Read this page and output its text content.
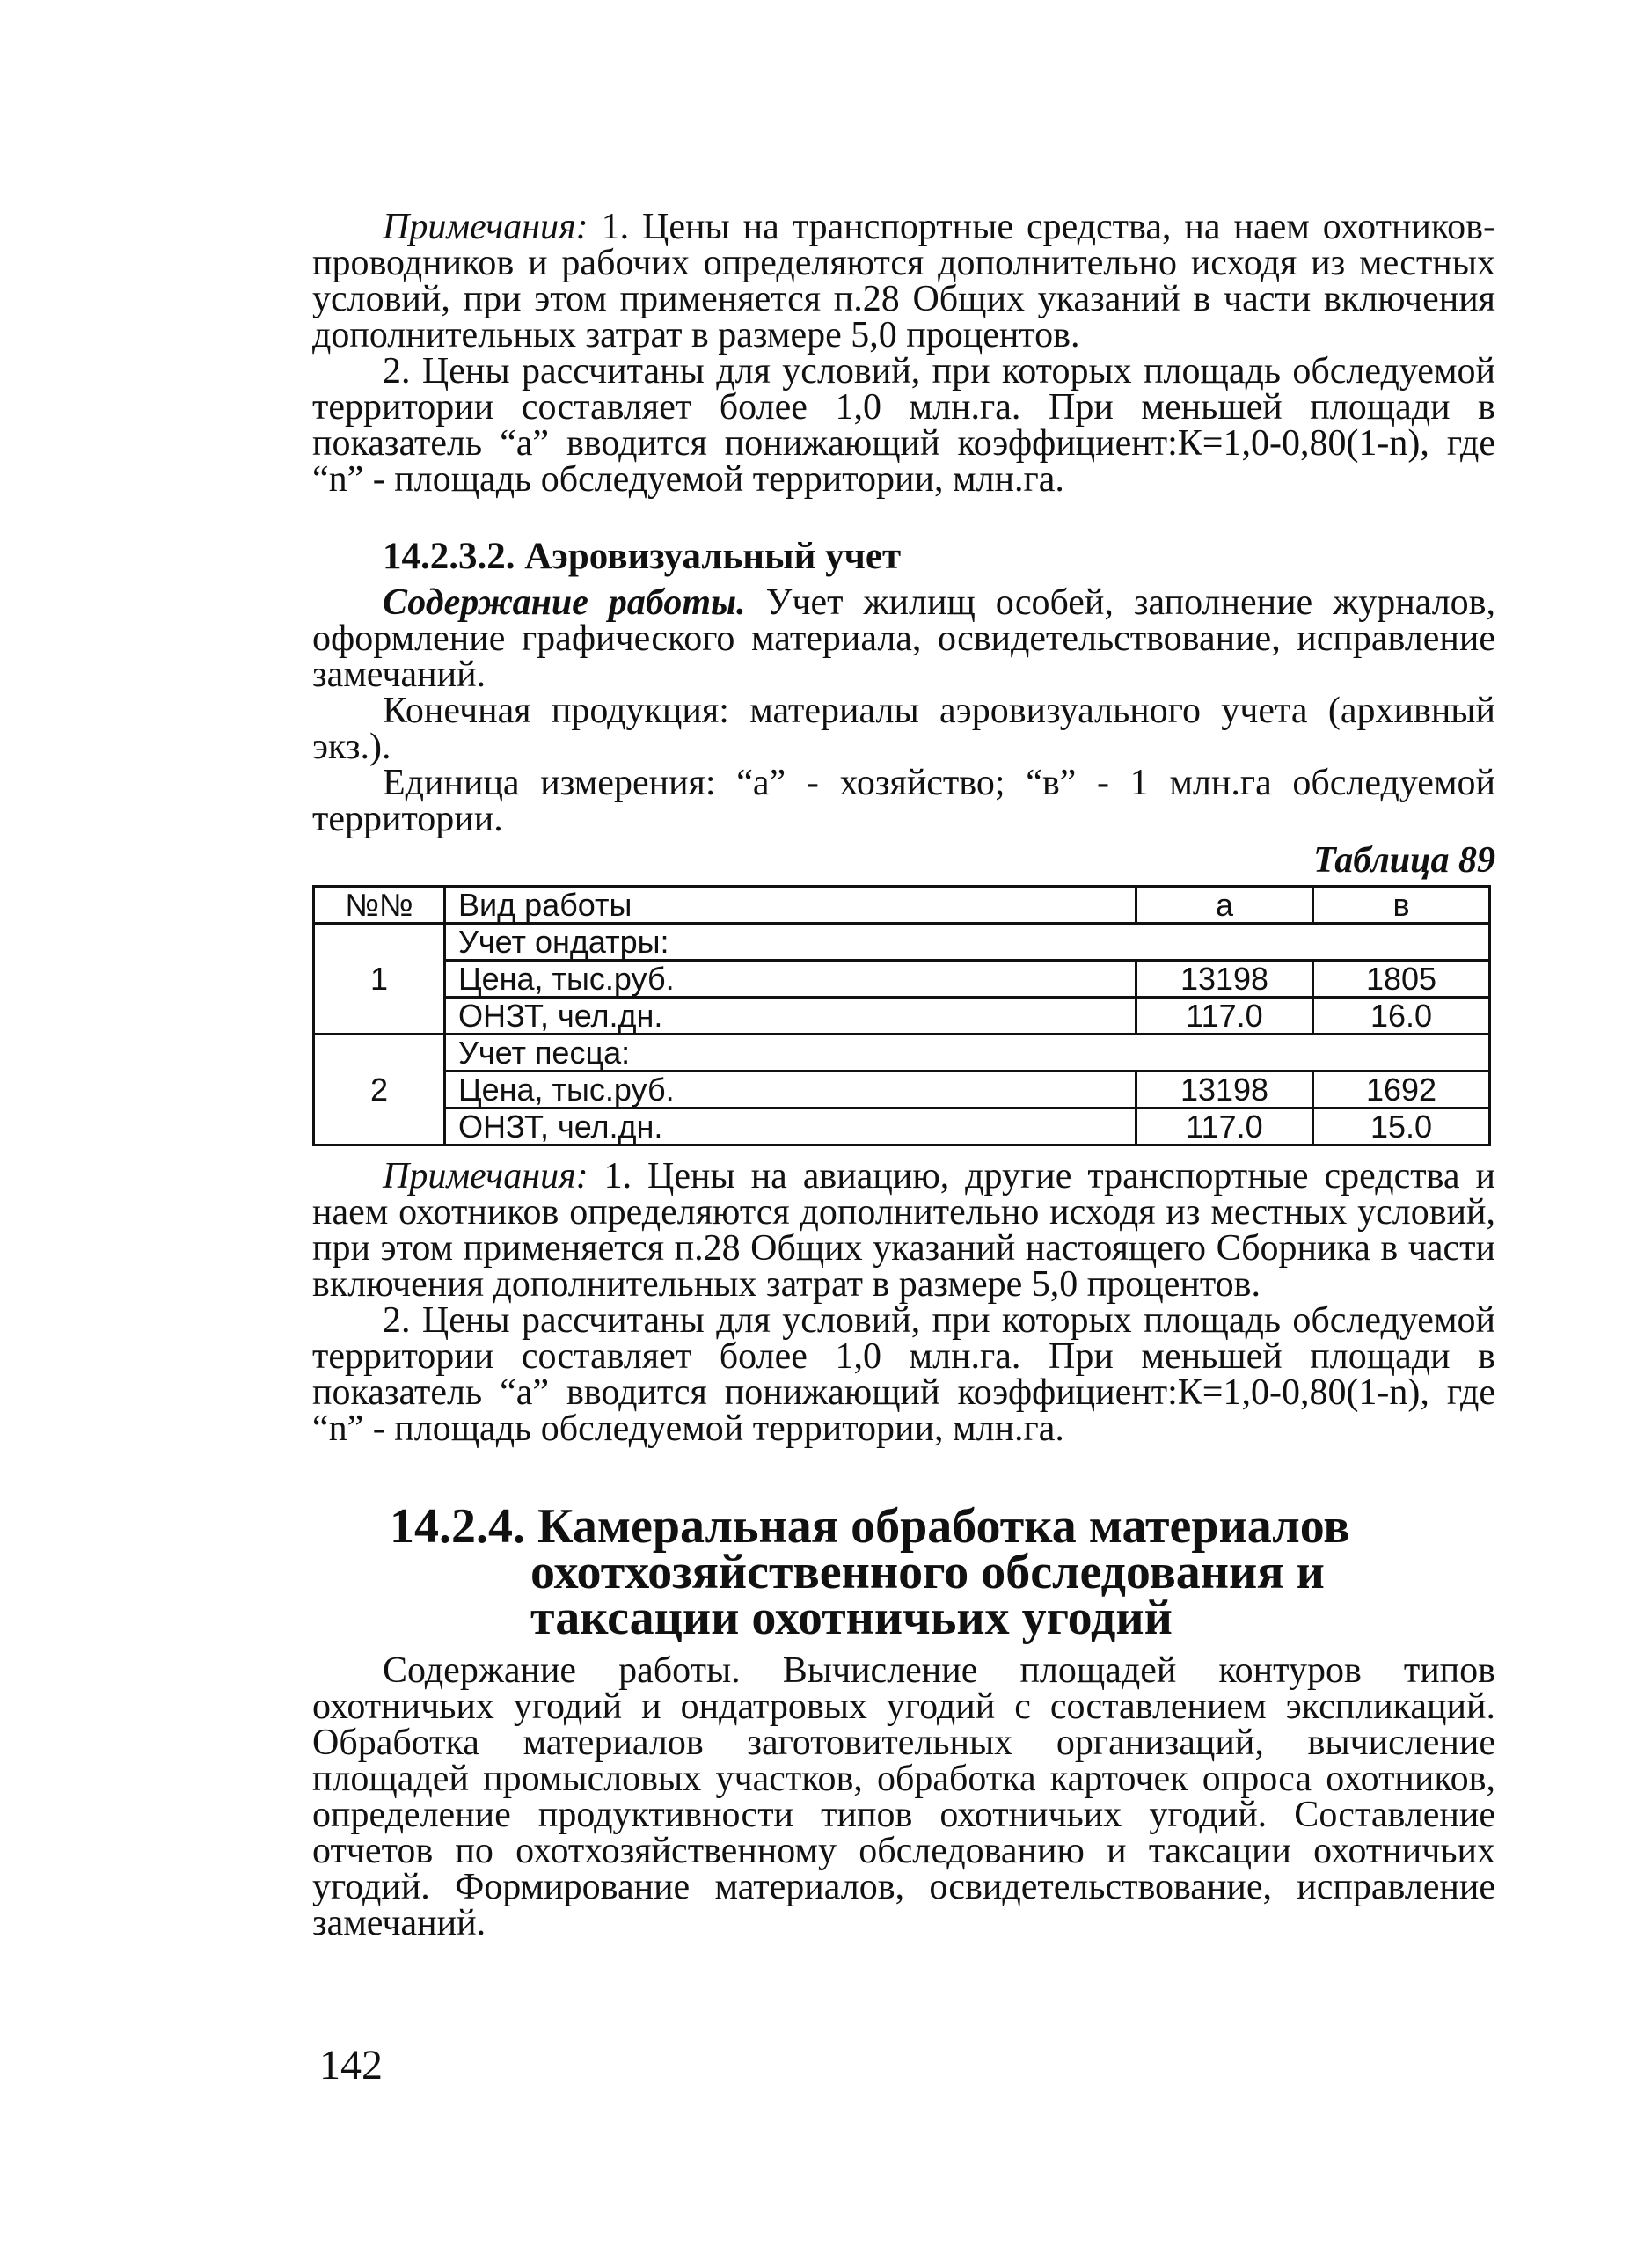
Примечания: 1. Цены на транспортные средства, на наем охотников-проводников и рабочих определяются дополнительно исходя из местных условий, при этом применяется п.28 Общих указаний в части включения дополнительных затрат в размере 5,0 процентов.

2. Цены рассчитаны для условий, при которых площадь обследуемой территории составляет более 1,0 млн.га. При меньшей площади в показатель “а” вводится понижающий коэффициент:К=1,0-0,80(1-n), где “n” - площадь обследуемой территории, млн.га.

14.2.3.2. Аэровизуальный учет

Содержание работы. Учет жилищ особей, заполнение журналов, оформление графического материала, освидетельствование, исправление замечаний.

Конечная продукция: материалы аэровизуального учета (архивный экз.).

Единица измерения: “а” - хозяйство; “в” - 1 млн.га обследуемой территории.

Таблица 89
№№	Вид работы	а	в
1	Учет ондатры:		
	Цена, тыс.руб.	13198	1805
	ОНЗТ, чел.дн.	117.0	16.0
2	Учет песца:		
	Цена, тыс.руб.	13198	1692
	ОНЗТ, чел.дн.	117.0	15.0

Примечания: 1. Цены на авиацию, другие транспортные средства и наем охотников определяются дополнительно исходя из местных условий, при этом применяется п.28 Общих указаний настоящего Сборника в части включения дополнительных затрат в размере 5,0 процентов.

2. Цены рассчитаны для условий, при которых площадь обследуемой территории составляет более 1,0 млн.га. При меньшей площади в показатель “а” вводится понижающий коэффициент:К=1,0-0,80(1-n), где “n” - площадь обследуемой территории, млн.га.

14.2.4. Камеральная обработка материалов
охотхозяйственного обследования и
таксации охотничьих угодий

Содержание работы. Вычисление площадей контуров типов охотничьих угодий и ондатровых угодий с составлением экспликаций. Обработка материалов заготовительных организаций, вычисление площадей промысловых участков, обработка карточек опроса охотников, определение продуктивности типов охотничьих угодий. Составление отчетов по охотхозяйственному обследованию и таксации охотничьих угодий. Формирование материалов, освидетельствование, исправление замечаний.

142
